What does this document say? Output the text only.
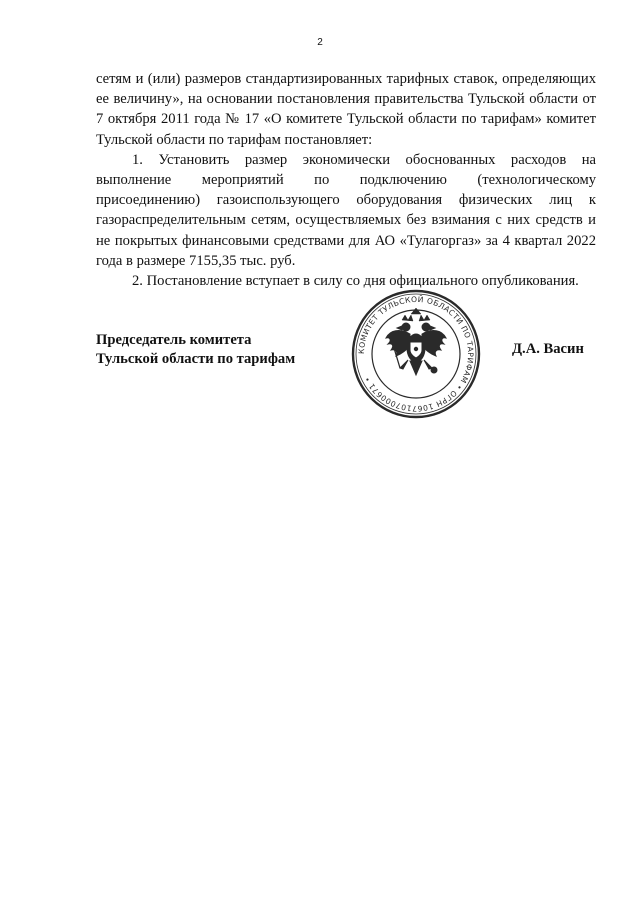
2

сетям и (или) размеров стандартизированных тарифных ставок, определяющих ее величину», на основании постановления правительства Тульской области от 7 октября 2011 года № 17 «О комитете Тульской области по тарифам» комитет Тульской области по тарифам постановляет:

1. Установить размер экономически обоснованных расходов на выполнение мероприятий по подключению (технологическому присоединению) газоиспользующего оборудования физических лиц к газораспределительным сетям, осуществляемых без взимания с них средств и не покрытых финансовыми средствами для АО «Тулагоргаз» за 4 квартал 2022 года в размере 7155,35 тыс. руб.

2. Постановление вступает в силу со дня официального опубликования.

Председатель комитета
Тульской области по тарифам
Д.А. Васин
КОМИТЕТ ТУЛЬСКОЙ ОБЛАСТИ ПО ТАРИФАМ • ОГРН 1067107000671 •
